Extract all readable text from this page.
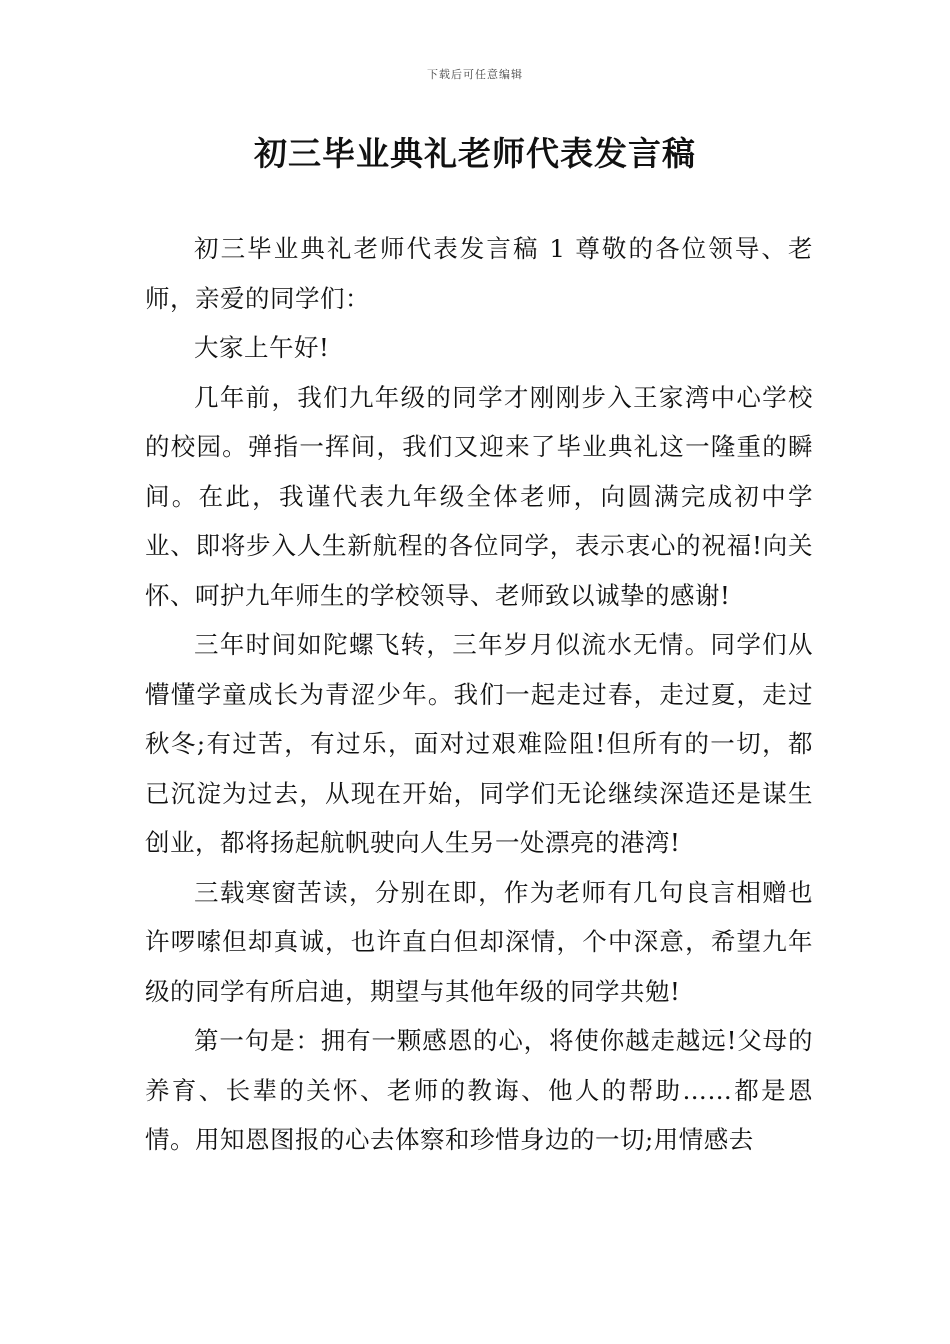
下载后可任意编辑
初三毕业典礼老师代表发言稿

初三毕业典礼老师代表发言稿 1 尊敬的各位领导、老师，亲爱的同学们：

大家上午好!

几年前，我们九年级的同学才刚刚步入王家湾中心学校的校园。弹指一挥间，我们又迎来了毕业典礼这一隆重的瞬间。在此，我谨代表九年级全体老师，向圆满完成初中学业、即将步入人生新航程的各位同学，表示衷心的祝福!向关怀、呵护九年师生的学校领导、老师致以诚挚的感谢!

三年时间如陀螺飞转，三年岁月似流水无情。同学们从懵懂学童成长为青涩少年。我们一起走过春，走过夏，走过秋冬;有过苦，有过乐，面对过艰难险阻!但所有的一切，都已沉淀为过去，从现在开始，同学们无论继续深造还是谋生创业，都将扬起航帆驶向人生另一处漂亮的港湾!

三载寒窗苦读，分别在即，作为老师有几句良言相赠也许啰嗦但却真诚，也许直白但却深情，个中深意，希望九年级的同学有所启迪，期望与其他年级的同学共勉!

第一句是：拥有一颗感恩的心，将使你越走越远!父母的养育、长辈的关怀、老师的教诲、他人的帮助……都是恩情。用知恩图报的心去体察和珍惜身边的一切;用情感去
